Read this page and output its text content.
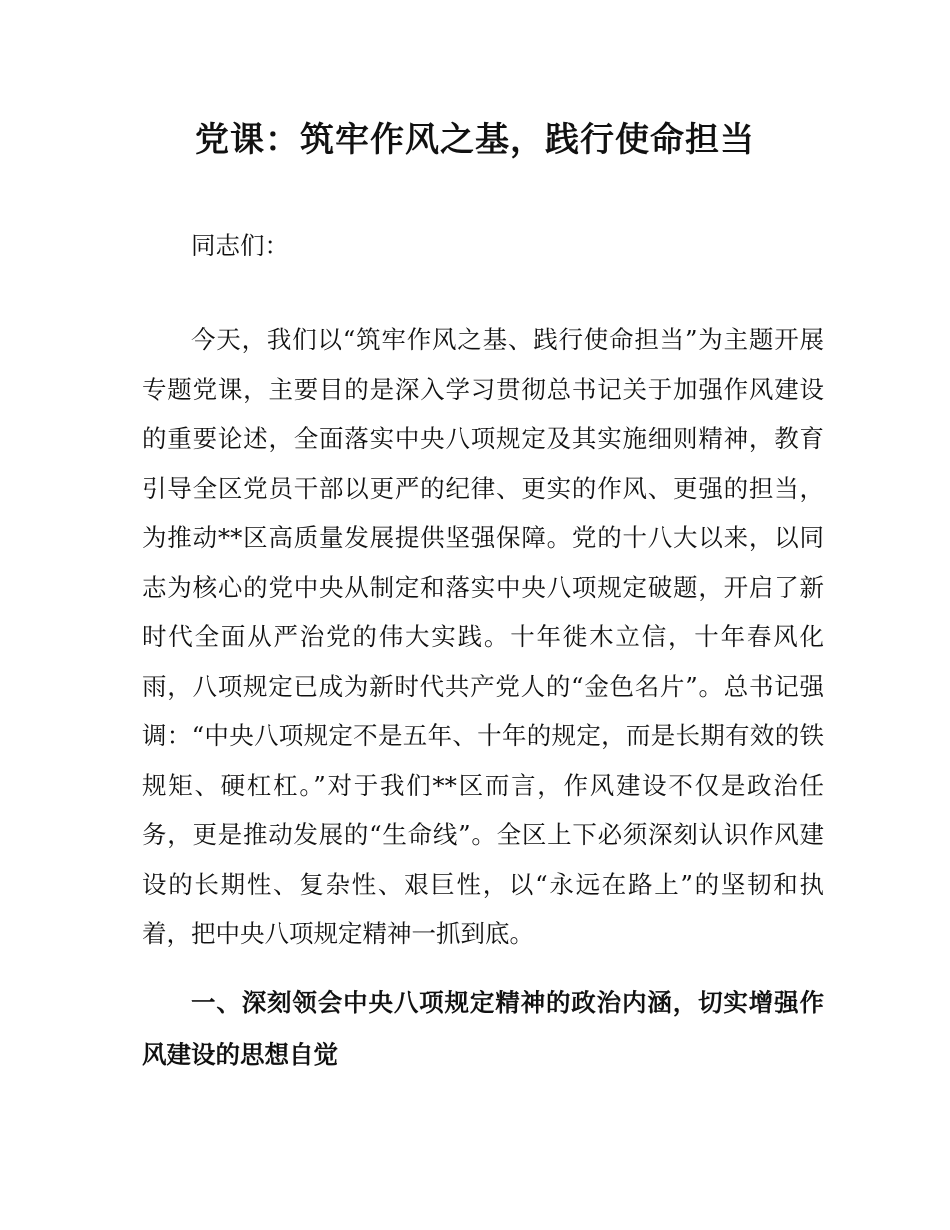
党课：筑牢作风之基，践行使命担当

同志们：

今天，我们以“筑牢作风之基、践行使命担当”为主题开展专题党课，主要目的是深入学习贯彻总书记关于加强作风建设的重要论述，全面落实中央八项规定及其实施细则精神，教育引导全区党员干部以更严的纪律、更实的作风、更强的担当，为推动**区高质量发展提供坚强保障。党的十八大以来，以同志为核心的党中央从制定和落实中央八项规定破题，开启了新时代全面从严治党的伟大实践。十年徙木立信，十年春风化雨，八项规定已成为新时代共产党人的“金色名片”。总书记强调：“中央八项规定不是五年、十年的规定，而是长期有效的铁规矩、硬杠杠。”对于我们**区而言，作风建设不仅是政治任务，更是推动发展的“生命线”。全区上下必须深刻认识作风建设的长期性、复杂性、艰巨性，以“永远在路上”的坚韧和执着，把中央八项规定精神一抓到底。

一、深刻领会中央八项规定精神的政治内涵，切实增强作风建设的思想自觉
